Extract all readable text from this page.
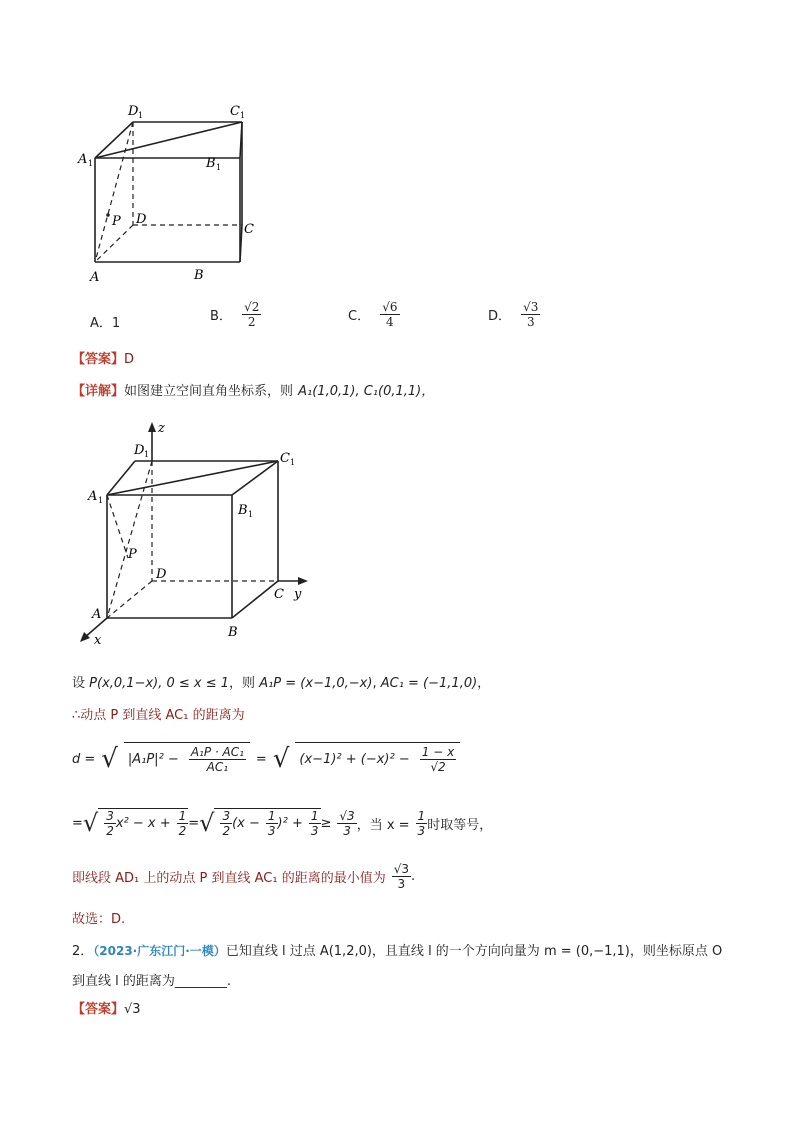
D 1	C 1
A 1	B 1
P D
C
A	B
A．1	B． $\frac{√2}{2}$	C． $\frac{√6}{4}$	D． $\frac{√3}{3}$
【答案】D
【详解】如图建立空间直角坐标系，则 A₁(1,0,1), C₁(0,1,1)，
z
y
x
D 1	C 1
A 1
B 1
P
D
C
A
B
设 P(x,0,1−x), 0 ≤ x ≤ 1，则 A₁P = (x−1,0,−x), AC₁ = (−1,1,0)，
∴动点 P 到直线 AC₁ 的距离为
d = √ $|A_1P|^2 - \frac{\text{A₁P · AC₁}}{\text{AC₁}}$ = √ $(x-1)^2 + (-x)^2 - \frac{1 - x}{√2}$
= √ $\frac{3}{2} x^2 - x + \frac{1}{2}$ = √ $\frac{3}{2} (x - \frac{1}{3} )^2 + \frac{1}{3} \ge \frac{√3}{3}$ ，当 $x = \frac{1}{3}$ 时取等号，
即线段 AD₁ 上的动点 P 到直线 AC₁ 的距离的最小值为 $\frac{√3}{3}$ .
故选：D.
2．（2023·广东江门·一模）已知直线 l 过点 A(1,2,0)，且直线 l 的一个方向向量为 m = (0,−1,1)，则坐标原点 O
到直线 l 的距离为________.
【答案】√3
